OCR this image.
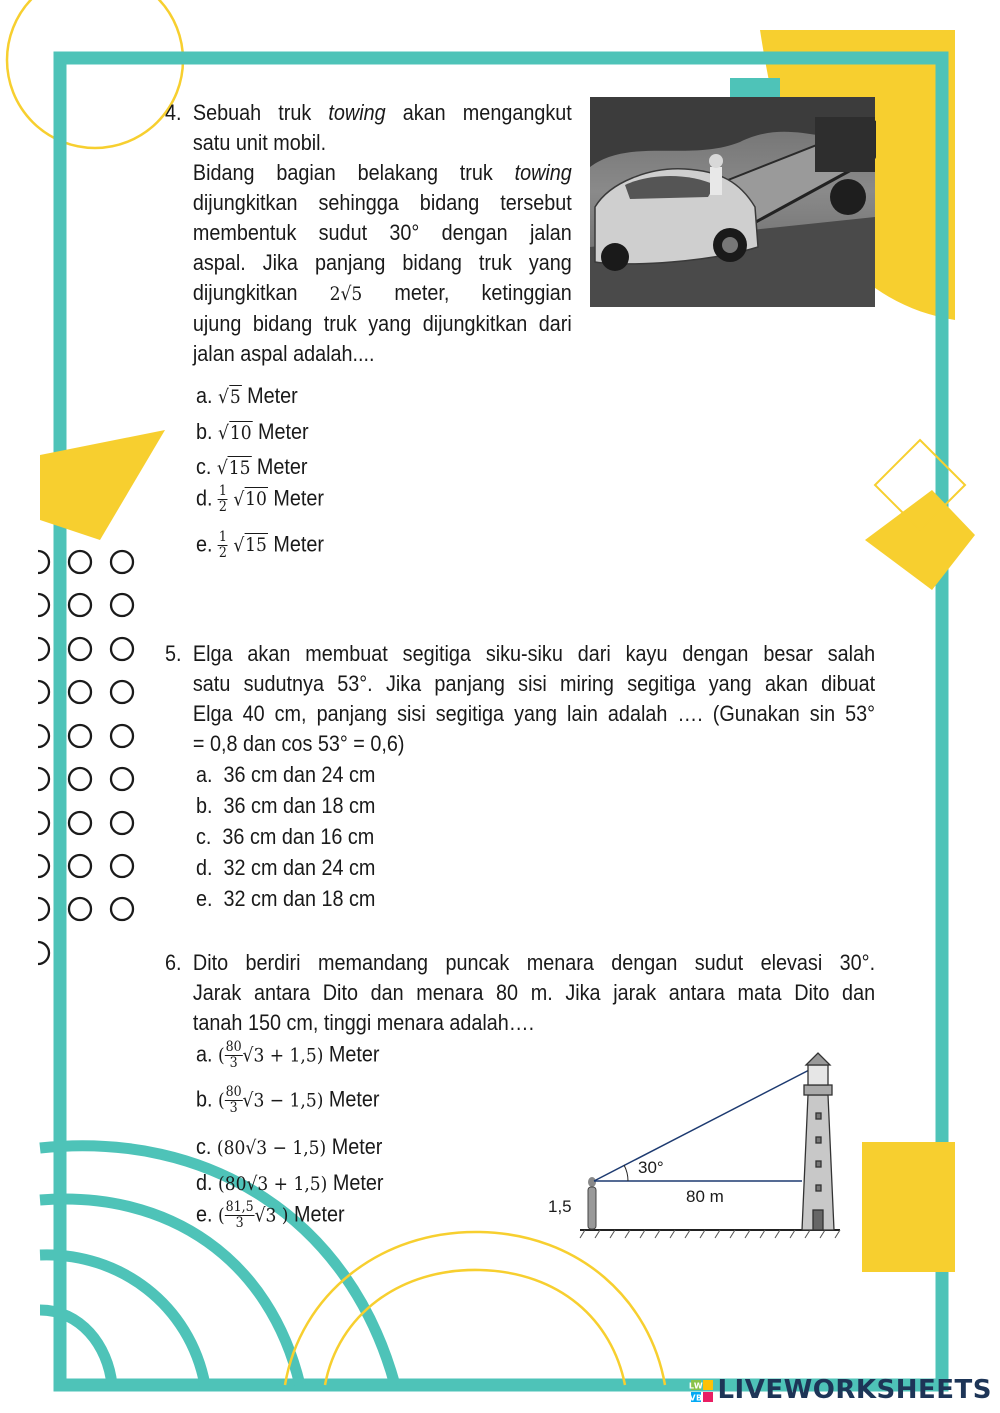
4. Sebuah truk towing akan mengangkut
satu unit mobil.
Bidang bagian belakang truk towing
dijungkitkan sehingga bidang tersebut
membentuk sudut 30° dengan jalan
aspal. Jika panjang bidang truk yang
dijungkitkan 2√5 meter, ketinggian
ujung bidang truk yang dijungkitkan dari
jalan aspal adalah....
a. √5 Meter
b. √10 Meter
c. √15 Meter
d. $\frac{1}{2} √10$ Meter
e. $\frac{1}{2} √15$ Meter
5. Elga akan membuat segitiga siku-siku dari kayu dengan besar salah
satu sudutnya 53°. Jika panjang sisi miring segitiga yang akan dibuat
Elga 40 cm, panjang sisi segitiga yang lain adalah …. (Gunakan sin 53°
= 0,8 dan cos 53° = 0,6)
a. 36 cm dan 24 cm
b. 36 cm dan 18 cm
c. 36 cm dan 16 cm
d. 32 cm dan 24 cm
e. 32 cm dan 18 cm
6. Dito berdiri memandang puncak menara dengan sudut elevasi 30°.
Jarak antara Dito dan menara 80 m. Jika jarak antara mata Dito dan
tanah 150 cm, tinggi menara adalah….
a. ( $\frac{80}{3} √3 + 1,5$) Meter
b. ( $\frac{80}{3} √3 - 1,5$) Meter
c. (80√3 − 1,5) Meter
d. (80√3 + 1,5) Meter
e. ( $\frac{81,5}{3} √3$ ) Meter
30°
80 m
1,5
LW
VB LIVEWORKSHEETS
